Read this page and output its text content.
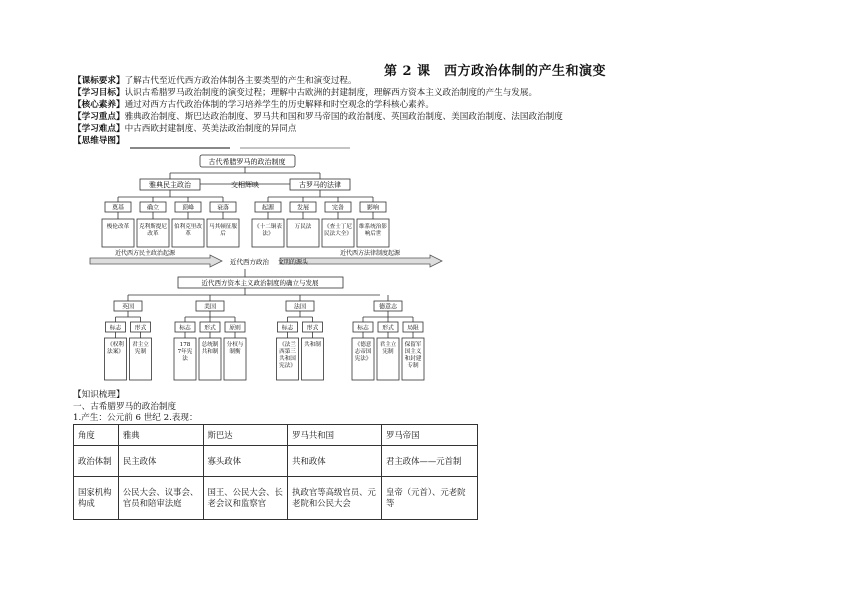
第 2 课　西方政治体制的产生和演变
【课标要求】了解古代至近代西方政治体制各主要类型的产生和演变过程。
【学习目标】认识古希腊罗马政治制度的演变过程；理解中古欧洲的封建制度，理解西方资本主义政治制度的产生与发展。
【核心素养】通过对西方古代政治体制的学习培养学生的历史解释和时空观念的学科核心素养。
【学习重点】雅典政治制度、斯巴达政治制度、罗马共和国和罗马帝国的政治制度、英国政治制度、美国政治制度、法国政治制度
【学习难点】中古西欧封建制度、英美法政治制度的异同点
【思维导图】
古代希腊罗马的政治制度
雅典民主政治
　　　　	交相辉映	古罗马的法律
奠基
梭伦改革
确立
克利斯提尼改革
顶峰
伯利克里改革
衰落
马其顿征服后
起源
《十二铜表法》
发展
万民法
完备
《查士丁尼民法大全》
影响
维系统治影响后世
近代西方民主政治起源
近代西方政治 文明的源头
近代西方法律制度起源
近代西方资本主义政治制度的确立与发展
英国
标志
《权利法案》
形式
君主立宪制
美国
标志
178 7年宪法
形式
总统制共和制
原则
分权与制衡
法国
标志
《法兰西第三共和国宪法》
形式
共和制
德意志
标志
《德意志帝国宪法》
形式
君主立宪制
局限
保留军国主义和封建专制
【知识梳理】
一、古希腊罗马的政治制度
1.产生：公元前 6 世纪 2.表现：
角度	雅典	斯巴达	罗马共和国	罗马帝国
政治体制	民主政体	寡头政体	共和政体	君主政体——元首制
国家机构构成	公民大会、议事会、官员和陪审法庭	国王、公民大会、长老会议和监察官	执政官等高级官员、元老院和公民大会	皇帝（元首）、元老院等
